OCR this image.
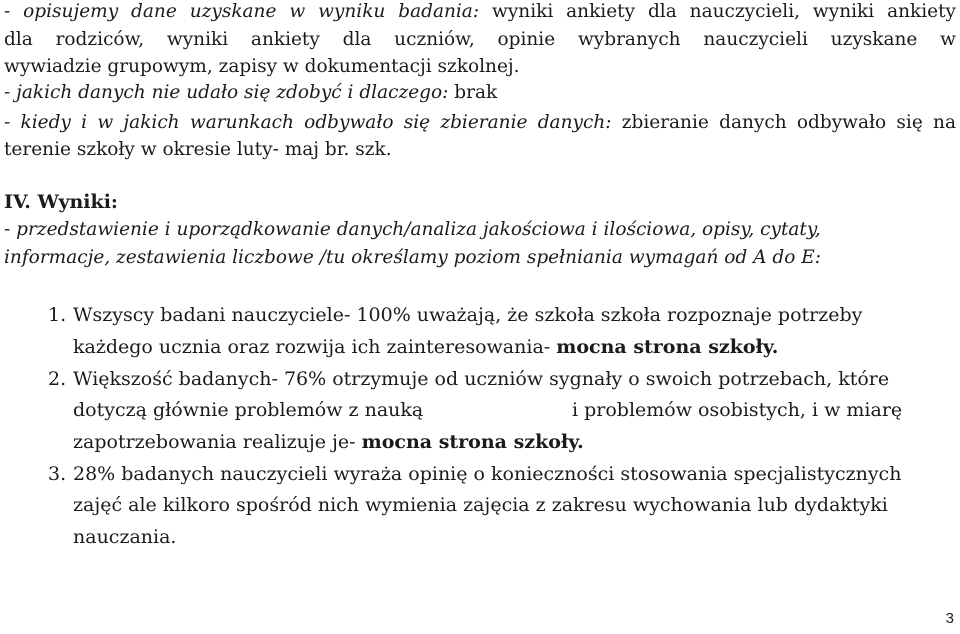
- opisujemy dane uzyskane w wyniku badania: wyniki ankiety dla nauczycieli, wyniki ankiety
dla rodziców, wyniki ankiety dla uczniów, opinie wybranych nauczycieli uzyskane w
wywiadzie grupowym, zapisy w dokumentacji szkolnej.
- jakich danych nie udało się zdobyć i dlaczego: brak
- kiedy i w jakich warunkach odbywało się zbieranie danych: zbieranie danych odbywało się na
terenie szkoły w okresie luty- maj br. szk.
IV. Wyniki:
- przedstawienie i uporządkowanie danych/analiza jakościowa i ilościowa, opisy, cytaty,
informacje, zestawienia liczbowe /tu określamy poziom spełniania wymagań od A do E:
1. Wszyscy badani nauczyciele- 100% uważają, że szkoła szkoła rozpoznaje potrzeby
każdego ucznia oraz rozwija ich zainteresowania- mocna strona szkoły.
2. Większość badanych- 76% otrzymuje od uczniów sygnały o swoich potrzebach, które
dotyczą głównie problemów z nauką	i problemów osobistych, i w miarę
zapotrzebowania realizuje je- mocna strona szkoły.
3. 28% badanych nauczycieli wyraża opinię o konieczności stosowania specjalistycznych
zajęć ale kilkoro spośród nich wymienia zajęcia z zakresu wychowania lub dydaktyki
nauczania.
3
